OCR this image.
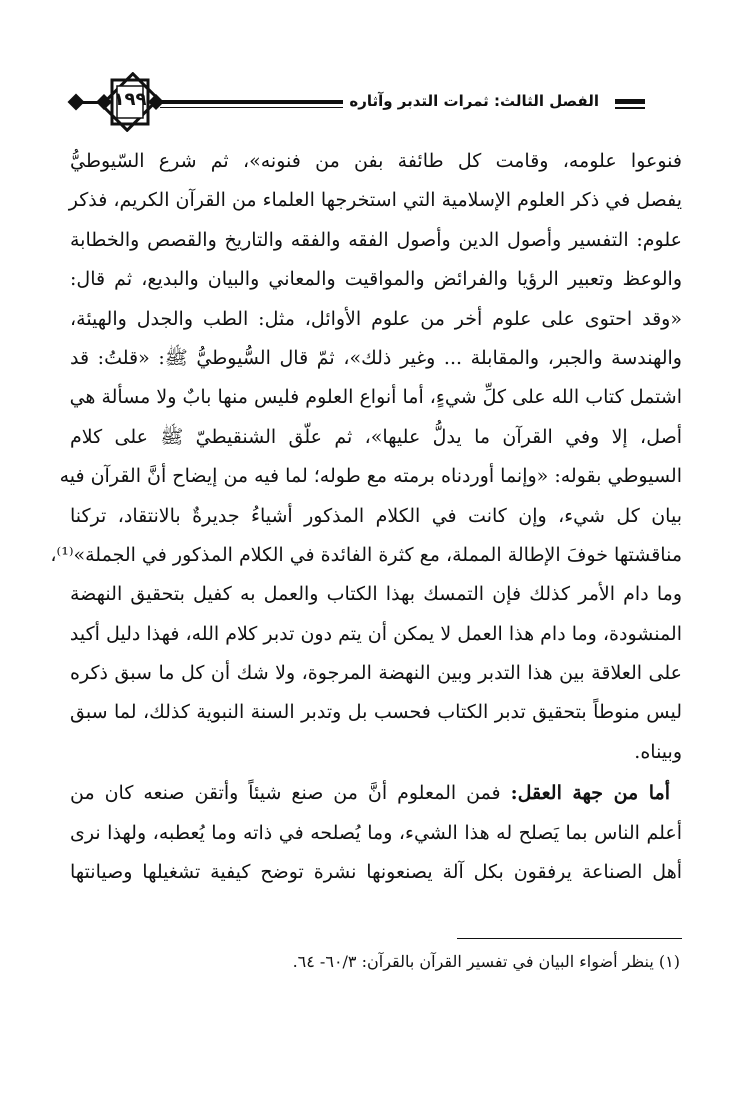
الفصل الثالث: ثمرات التدبر وآثاره
١٩٩
فنوعوا علومه، وقامت كل طائفة بفن من فنونه»، ثم شرع السّيوطيُّ
يفصل في ذكر العلوم الإسلامية التي استخرجها العلماء من القرآن الكريم، فذكر
علوم: التفسير وأصول الدين وأصول الفقه والفقه والتاريخ والقصص والخطابة
والوعظ وتعبير الرؤيا والفرائض والمواقيت والمعاني والبيان والبديع، ثم قال:
«وقد احتوى على علوم أخر من علوم الأوائل، مثل: الطب والجدل والهيئة،
والهندسة والجبر، والمقابلة ... وغير ذلك»، ثمّ قال السُّيوطيُّ ﷺ: «قلتُ: قد
اشتمل كتاب الله على كلِّ شيءٍ، أما أنواع العلوم فليس منها بابٌ ولا مسألة هي
أصل، إلا وفي القرآن ما يدلُّ عليها»، ثم علّق الشنقيطيّ ﷺ على كلام
السيوطي بقوله: «وإنما أوردناه برمته مع طوله؛ لما فيه من إيضاح أنَّ القرآن فيه
بيان كل شيء، وإن كانت في الكلام المذكور أشياءُ جديرةٌ بالانتقاد، تركنا
مناقشتها خوفَ الإطالة المملة، مع كثرة الفائدة في الكلام المذكور في الجملة»⁽¹⁾،
وما دام الأمر كذلك فإن التمسك بهذا الكتاب والعمل به كفيل بتحقيق النهضة
المنشودة، وما دام هذا العمل لا يمكن أن يتم دون تدبر كلام الله، فهذا دليل أكيد
على العلاقة بين هذا التدبر وبين النهضة المرجوة، ولا شك أن كل ما سبق ذكره
ليس منوطاً بتحقيق تدبر الكتاب فحسب بل وتدبر السنة النبوية كذلك، لما سبق
وبيناه.
أما من جهة العقل: فمن المعلوم أنَّ من صنع شيئاً وأتقن صنعه كان من
أعلم الناس بما يَصلح له هذا الشيء، وما يُصلحه في ذاته وما يُعطبه، ولهذا نرى
أهل الصناعة يرفقون بكل آلة يصنعونها نشرة توضح كيفية تشغيلها وصيانتها
(١) ينظر أضواء البيان في تفسير القرآن بالقرآن: ٦٠/٣- ٦٤.
